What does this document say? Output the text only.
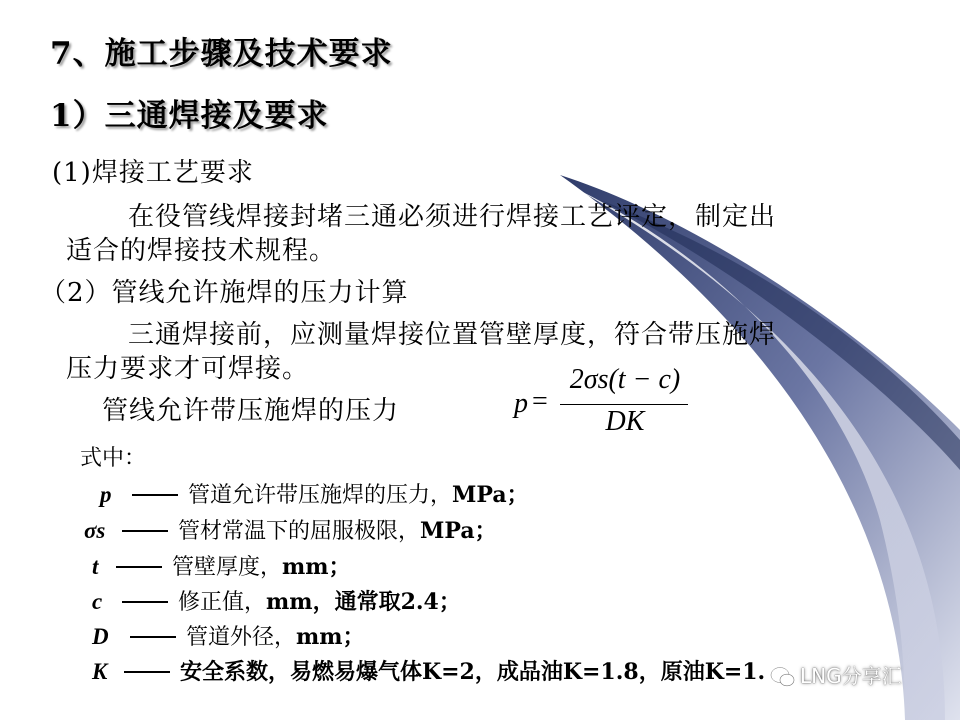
7、施工步骤及技术要求
1）三通焊接及要求
(1)焊接工艺要求
在役管线焊接封堵三通必须进行焊接工艺评定，制定出
适合的焊接技术规程。
（2）管线允许施焊的压力计算
三通焊接前，应测量焊接位置管壁厚度，符合带压施焊
压力要求才可焊接。
管线允许带压施焊的压力	p =
2σs(t − c)
DK
式中：
p	管道允许带压施焊的压力，MPa；
σs	管材常温下的屈服极限，MPa；
t	管壁厚度，mm；
c	修正值，mm，通常取2.4；
D	管道外径，mm；
K	安全系数，易燃易爆气体K=2，成品油K=1.8，原油K=1. LNG分享汇
